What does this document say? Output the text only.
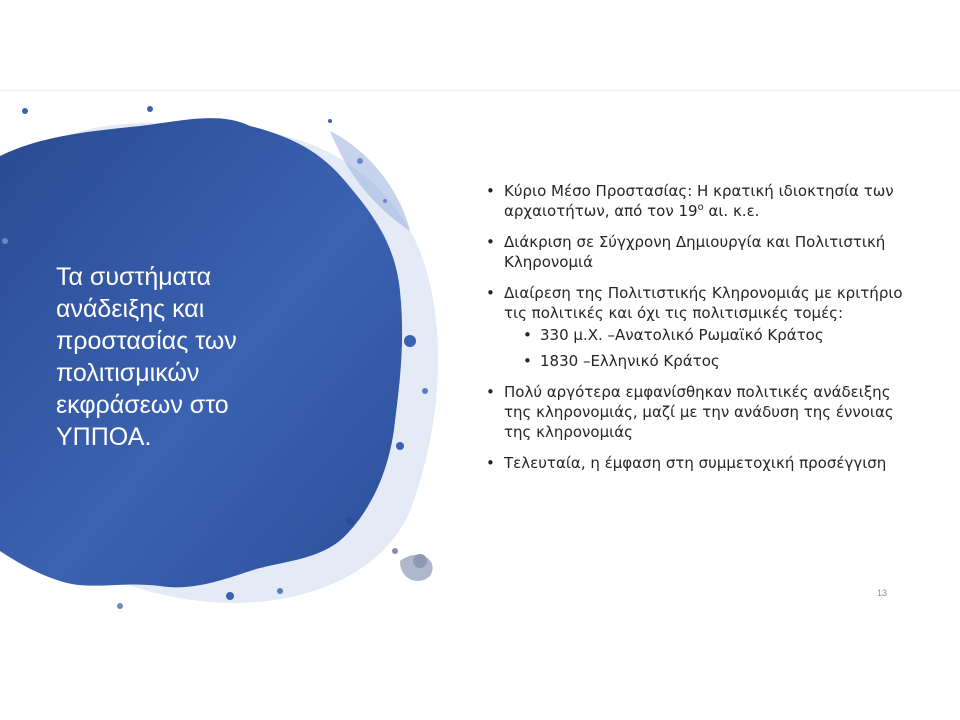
Τα συστήματα ανάδειξης και προστασίας των πολιτισμικών εκφράσεων στο ΥΠΠΟΑ.
• Κύριο Μέσο Προστασίας: Η κρατική ιδιοκτησία των αρχαιοτήτων, από τον $19^o$ αι. κ.ε.
• Διάκριση σε Σύγχρονη Δημιουργία και Πολιτιστική Κληρονομιά
• Διαίρεση της Πολιτιστικής Κληρονομιάς με κριτήριο τις πολιτικές και όχι τις πολιτισμικές τομές:
• 330 μ.Χ. –Ανατολικό Ρωμαϊκό Κράτος
• 1830 –Ελληνικό Κράτος
• Πολύ αργότερα εμφανίσθηκαν πολιτικές ανάδειξης της κληρονομιάς, μαζί με την ανάδυση της έννοιας της κληρονομιάς
• Τελευταία, η έμφαση στη συμμετοχική προσέγγιση
13
